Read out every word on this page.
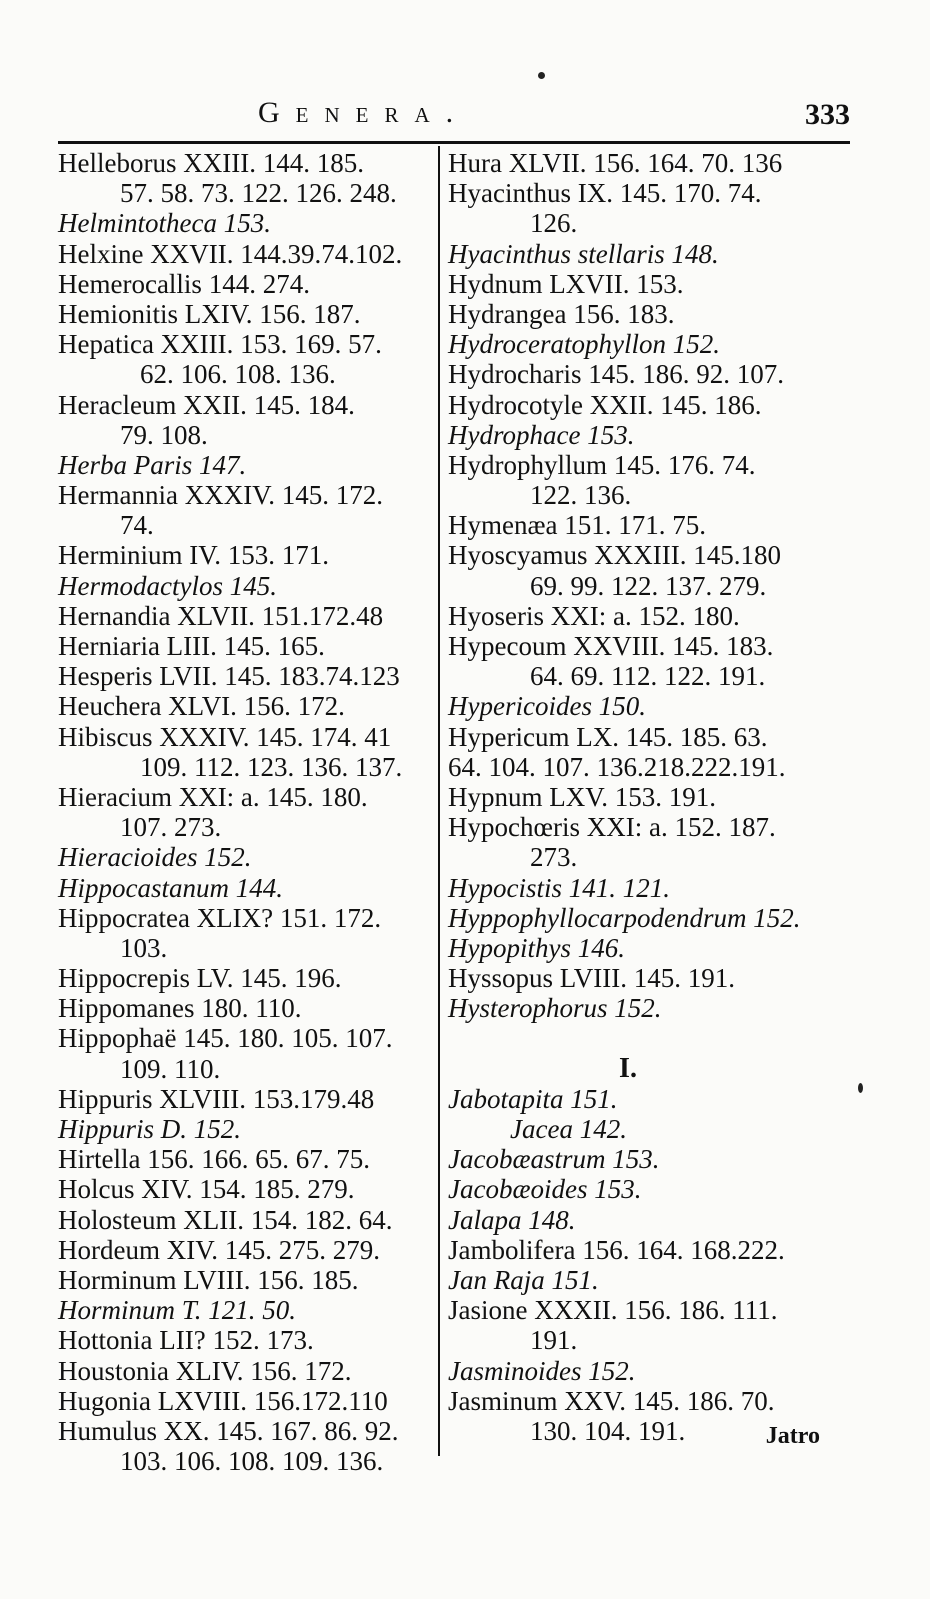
Genera.	333
Helleborus XXIII. 144. 185.
57. 58. 73. 122. 126. 248.
Helmintotheca 153.
Helxine XXVII. 144.39.74.102.
Hemerocallis 144. 274.
Hemionitis LXIV. 156. 187.
Hepatica XXIII. 153. 169. 57.
62. 106. 108. 136.
Heracleum XXII. 145. 184.
79. 108.
Herba Paris 147.
Hermannia XXXIV. 145. 172.
74.
Herminium IV. 153. 171.
Hermodactylos 145.
Hernandia XLVII. 151.172.48
Herniaria LIII. 145. 165.
Hesperis LVII. 145. 183.74.123
Heuchera XLVI. 156. 172.
Hibiscus XXXIV. 145. 174. 41
109. 112. 123. 136. 137.
Hieracium XXI: a. 145. 180.
107. 273.
Hieracioides 152.
Hippocastanum 144.
Hippocratea XLIX? 151. 172.
103.
Hippocrepis LV. 145. 196.
Hippomanes 180. 110.
Hippophaë 145. 180. 105. 107.
109. 110.
Hippuris XLVIII. 153.179.48
Hippuris D. 152.
Hirtella 156. 166. 65. 67. 75.
Holcus XIV. 154. 185. 279.
Holosteum XLII. 154. 182. 64.
Hordeum XIV. 145. 275. 279.
Horminum LVIII. 156. 185.
Horminum T. 121. 50.
Hottonia LII? 152. 173.
Houstonia XLIV. 156. 172.
Hugonia LXVIII. 156.172.110
Humulus XX. 145. 167. 86. 92.
103. 106. 108. 109. 136.
Hura XLVII. 156. 164. 70. 136
Hyacinthus IX. 145. 170. 74.
126.
Hyacinthus stellaris 148.
Hydnum LXVII. 153.
Hydrangea 156. 183.
Hydroceratophyllon 152.
Hydrocharis 145. 186. 92. 107.
Hydrocotyle XXII. 145. 186.
Hydrophace 153.
Hydrophyllum 145. 176. 74.
122. 136.
Hymenæa 151. 171. 75.
Hyoscyamus XXXIII. 145.180
69. 99. 122. 137. 279.
Hyoseris XXI: a. 152. 180.
Hypecoum XXVIII. 145. 183.
64. 69. 112. 122. 191.
Hypericoides 150.
Hypericum LX. 145. 185. 63.
64. 104. 107. 136.218.222.191.
Hypnum LXV. 153. 191.
Hypochœris XXI: a. 152. 187.
273.
Hypocistis 141. 121.
Hyppophyllocarpodendrum 152.
Hypopithys 146.
Hyssopus LVIII. 145. 191.
Hysterophorus 152.
I.
Jabotapita 151.
Jacea 142.
Jacobæastrum 153.
Jacobæoides 153.
Jalapa 148.
Jambolifera 156. 164. 168.222.
Jan Raja 151.
Jasione XXXII. 156. 186. 111.
191.
Jasminoides 152.
Jasminum XXV. 145. 186. 70.
130. 104. 191.	Jatro
